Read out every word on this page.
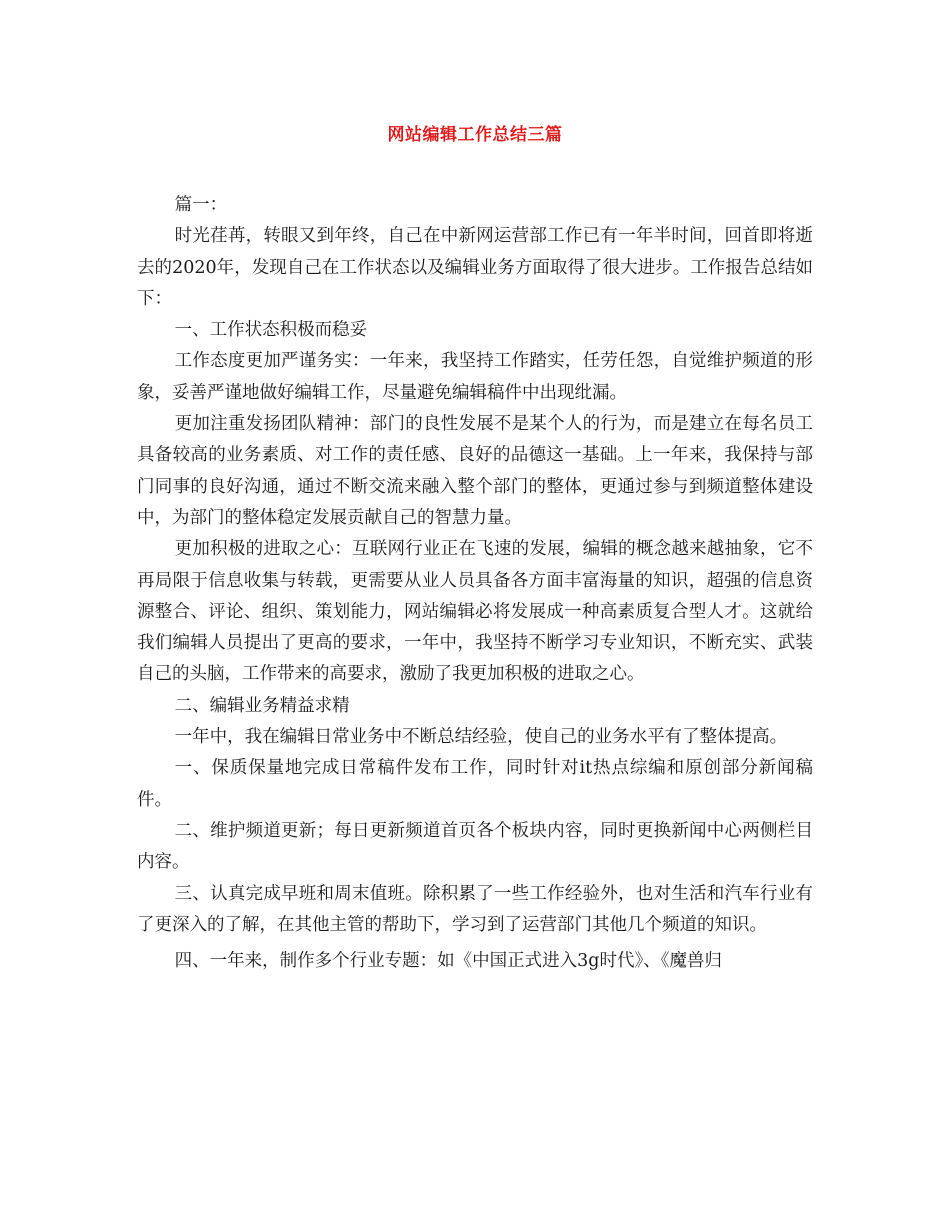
网站编辑工作总结三篇

篇一：

时光荏苒，转眼又到年终，自己在中新网运营部工作已有一年半时间，回首即将逝去的2020年，发现自己在工作状态以及编辑业务方面取得了很大进步。工作报告总结如下：

一、工作状态积极而稳妥

工作态度更加严谨务实：一年来，我坚持工作踏实，任劳任怨，自觉维护频道的形象，妥善严谨地做好编辑工作，尽量避免编辑稿件中出现纰漏。

更加注重发扬团队精神：部门的良性发展不是某个人的行为，而是建立在每名员工具备较高的业务素质、对工作的责任感、良好的品德这一基础。上一年来，我保持与部门同事的良好沟通，通过不断交流来融入整个部门的整体，更通过参与到频道整体建设中，为部门的整体稳定发展贡献自己的智慧力量。

更加积极的进取之心：互联网行业正在飞速的发展，编辑的概念越来越抽象，它不再局限于信息收集与转载，更需要从业人员具备各方面丰富海量的知识，超强的信息资源整合、评论、组织、策划能力，网站编辑必将发展成一种高素质复合型人才。这就给我们编辑人员提出了更高的要求，一年中，我坚持不断学习专业知识，不断充实、武装自己的头脑，工作带来的高要求，激励了我更加积极的进取之心。

二、编辑业务精益求精

一年中，我在编辑日常业务中不断总结经验，使自己的业务水平有了整体提高。

一、保质保量地完成日常稿件发布工作，同时针对it热点综编和原创部分新闻稿件。

二、维护频道更新；每日更新频道首页各个板块内容，同时更换新闻中心两侧栏目内容。

三、认真完成早班和周末值班。除积累了一些工作经验外，也对生活和汽车行业有了更深入的了解，在其他主管的帮助下，学习到了运营部门其他几个频道的知识。

四、一年来，制作多个行业专题：如《中国正式进入3g时代》、《魔兽归
